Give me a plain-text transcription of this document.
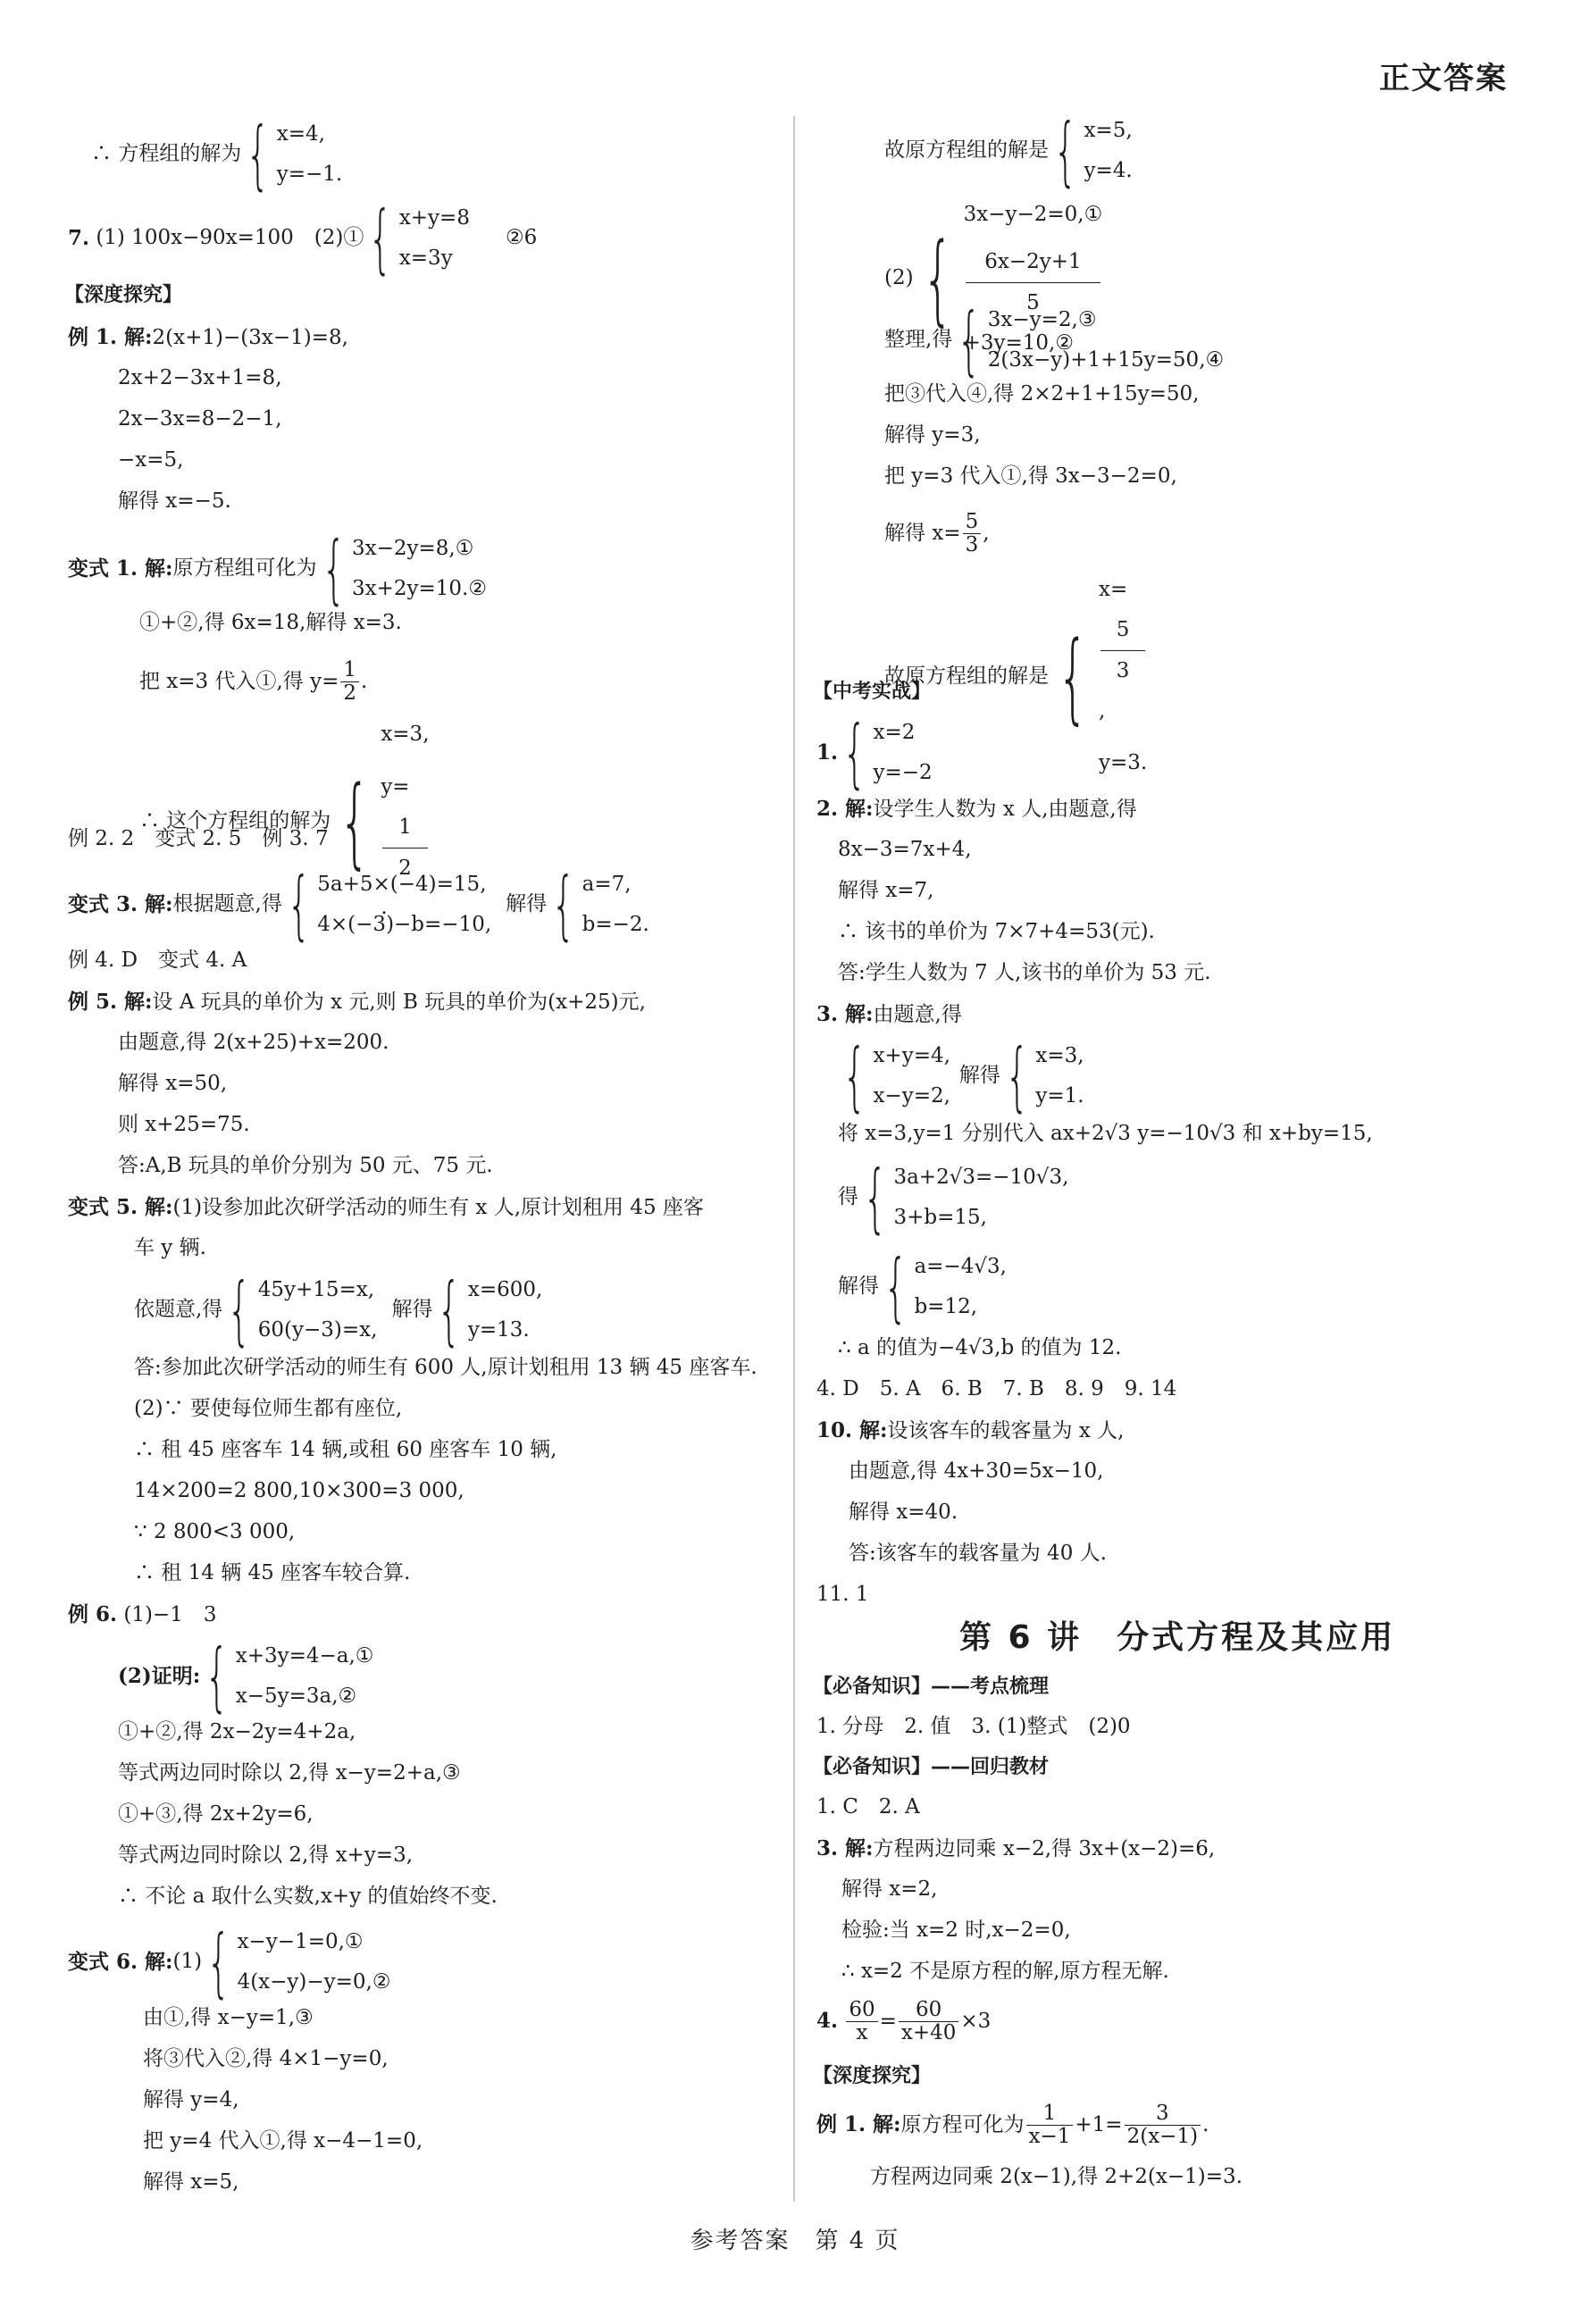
正文答案
∴ 方程组的解为 { x=4,
y=−1.
7.
(1) 100x−90x=100　(2)① { x+y=8
x=3y
②6
【深度探究】
例 1. 解:2(x+1)−(3x−1)=8,
2x+2−3x+1=8,
2x−3x=8−2−1,
−x=5,
解得 x=−5.
变式 1. 解: 原方程组可化为 { 3x−2y=8,①
3x+2y=10.②
①+②,得 6x=18,解得 x=3.
把 x=3 代入①,得 $y= \frac{1}{2}$ .
∴ 这个方程组的解为 {
x=3,
y=
1
2
.
例 2. 2　变式 2. 5　例 3. 7
变式 3. 解: 根据题意,得 { 5a+5×(−4)=15,
4×(−3)−b=−10,
解得 { a=7,
b=−2.
例 4. D　变式 4. A
例 5. 解:设 A 玩具的单价为 x 元,则 B 玩具的单价为(x+25)元,
由题意,得 2(x+25)+x=200.
解得 x=50,
则 x+25=75.
答:A,B 玩具的单价分别为 50 元、75 元.
变式 5. 解:(1)设参加此次研学活动的师生有 x 人,原计划租用 45 座客
车 y 辆.
依题意,得 { 45y+15=x,
60(y−3)=x,
解得 { x=600,
y=13.
答:参加此次研学活动的师生有 600 人,原计划租用 13 辆 45 座客车.
(2)∵ 要使每位师生都有座位,
∴ 租 45 座客车 14 辆,或租 60 座客车 10 辆,
14×200=2 800,10×300=3 000,
∵ 2 800<3 000,
∴ 租 14 辆 45 座客车较合算.
例 6. (1)−1　3
(2)证明: { x+3y=4−a,①
x−5y=3a,②
①+②,得 2x−2y=4+2a,
等式两边同时除以 2,得 x−y=2+a,③
①+③,得 2x+2y=6,
等式两边同时除以 2,得 x+y=3,
∴ 不论 a 取什么实数,x+y 的值始终不变.
变式 6. 解: (1) { x−y−1=0,①
4(x−y)−y=0,②
由①,得 x−y=1,③
将③代入②,得 4×1−y=0,
解得 y=4,
把 y=4 代入①,得 x−4−1=0,
解得 x=5,
故原方程组的解是 { x=5,
y=4.
(2) {
3x−y−2=0,①
6x−2y+1
5
+3y=10,②
整理,得 { 3x−y=2,③
2(3x−y)+1+15y=50,④
把③代入④,得 2×2+1+15y=50,
解得 y=3,
把 y=3 代入①,得 3x−3−2=0,
解得 $x= \frac{5}{3}$ ,
故原方程组的解是 {
x=
5
3
,
y=3.
【中考实战】
1. { x=2
y=−2
2. 解:设学生人数为 x 人,由题意,得
8x−3=7x+4,
解得 x=7,
∴ 该书的单价为 7×7+4=53(元).
答:学生人数为 7 人,该书的单价为 53 元.
3. 解:由题意,得
{ x+y=4,
x−y=2,
解得 { x=3,
y=1.
将 x=3,y=1 分别代入 ax+2√3 y=−10√3 和 x+by=15,
得 { 3a+2√3=−10√3,
3+b=15,
解得 { a=−4√3,
b=12,
∴ a 的值为−4√3,b 的值为 12.
4. D　5. A　6. B　7. B　8. 9　9. 14
10. 解:设该客车的载客量为 x 人,
由题意,得 4x+30=5x−10,
解得 x=40.
答:该客车的载客量为 40 人.
11. 1
第 6 讲　分式方程及其应用
【必备知识】——考点梳理
1. 分母　2. 值　3. (1)整式　(2)0
【必备知识】——回归教材
1. C　2. A
3. 解:方程两边同乘 x−2,得 3x+(x−2)=6,
解得 x=2,
检验:当 x=2 时,x−2=0,
∴ x=2 不是原方程的解,原方程无解.
4. $\frac{60}{x} = \frac{60}{x+40} \times 3$
【深度探究】
例 1. 解:原方程可化为 $\frac{1}{x-1} +1= \frac{3}{2(x-1)}$ .
方程两边同乘 2(x−1),得 2+2(x−1)=3.
参考答案　第 4 页
